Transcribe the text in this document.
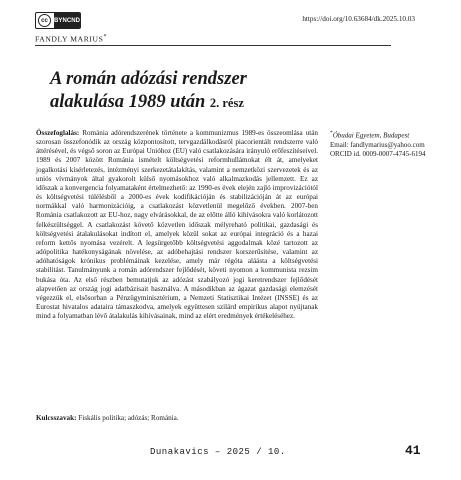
cc	BY NC ND	https://doi.org/10.63684/dk.2025.10.03
FANDLY MARIUS*
A román adózási rendszer
alakulása 1989 után 2. rész
Összefoglalás: Románia adórendszerének története a kommunizmus 1989-es összeomlása után szorosan összefonódik az ország központosított, tervgazdálkodásról piacorientált rendszerre való áttérésével, és végső soron az Európai Unióhoz (EU) való csatlakozására irányuló erőfeszítéseivel. 1989 és 2007 között Románia ismételt költségvetési reformhullámokat élt át, amelyeket jogalkotási kísérletezés, intézményi szerkezetátalakítás, valamint a nemzetközi szervezetek és az uniós vívmányok által gyakorolt külső nyomásokhoz való alkalmazkodás jellemzett. Ez az időszak a konvergencia folyamataként értelmezhető: az 1990-es évek elején zajló improvizációtól és költségvetési túlélésből a 2000-es évek kodifikációján és stabilizációján át az európai normákkal való harmonizációig, a csatlakozást közvetlenül megelőző években. 2007-ben Románia csatlakozott az EU-hoz, nagy elvárásokkal, de az előtte álló kihívásokra való korlátozott felkészültséggel. A csatlakozást követő közvetlen időszak mélyreható politikai, gazdasági és költségvetési átalakulásokat indított el, amelyek közül sokat az európai integráció és a hazai reform kettős nyomása vezérelt. A legsürgetőbb költségvetési aggodalmak közé tartozott az adópolitika hatékonyságának növelése, az adóbehajtási rendszer korszerűsítése, valamint az adóhatóságok krónikus problémáinak kezelése, amely már régóta aláásta a költségvetési stabilitást. Tanulmányunk a román adórendszer fejlődését, követi nyomon a kommunista rezsim bukása óta. Az első részben bemutatjuk az adózást szabályozó jogi keretrendszer fejlődését alapvetően az ország jogi adatbázisait használva. A másodikban az ágazat gazdasági elemzését végezzük el, elsősorban a Pénzügyminisztérium, a Nemzeti Statisztikai Intézet (INSSE) és az Eurostat hivatalos adataira támaszkodva, amelyek együttesen szilárd empirikus alapot nyújtanak mind a folyamatban lévő átalakulás kihívásainak, mind az elért eredmények értékeléséhez.
Kulcsszavak: Fiskális politika; adózás; Románia.
*Óbudai Egyetem, Budapest
Email: fandlymarius@yahoo.com
ORCID id. 0009-0007-4745-6194
Dunakavics – 2025 / 10.	41
